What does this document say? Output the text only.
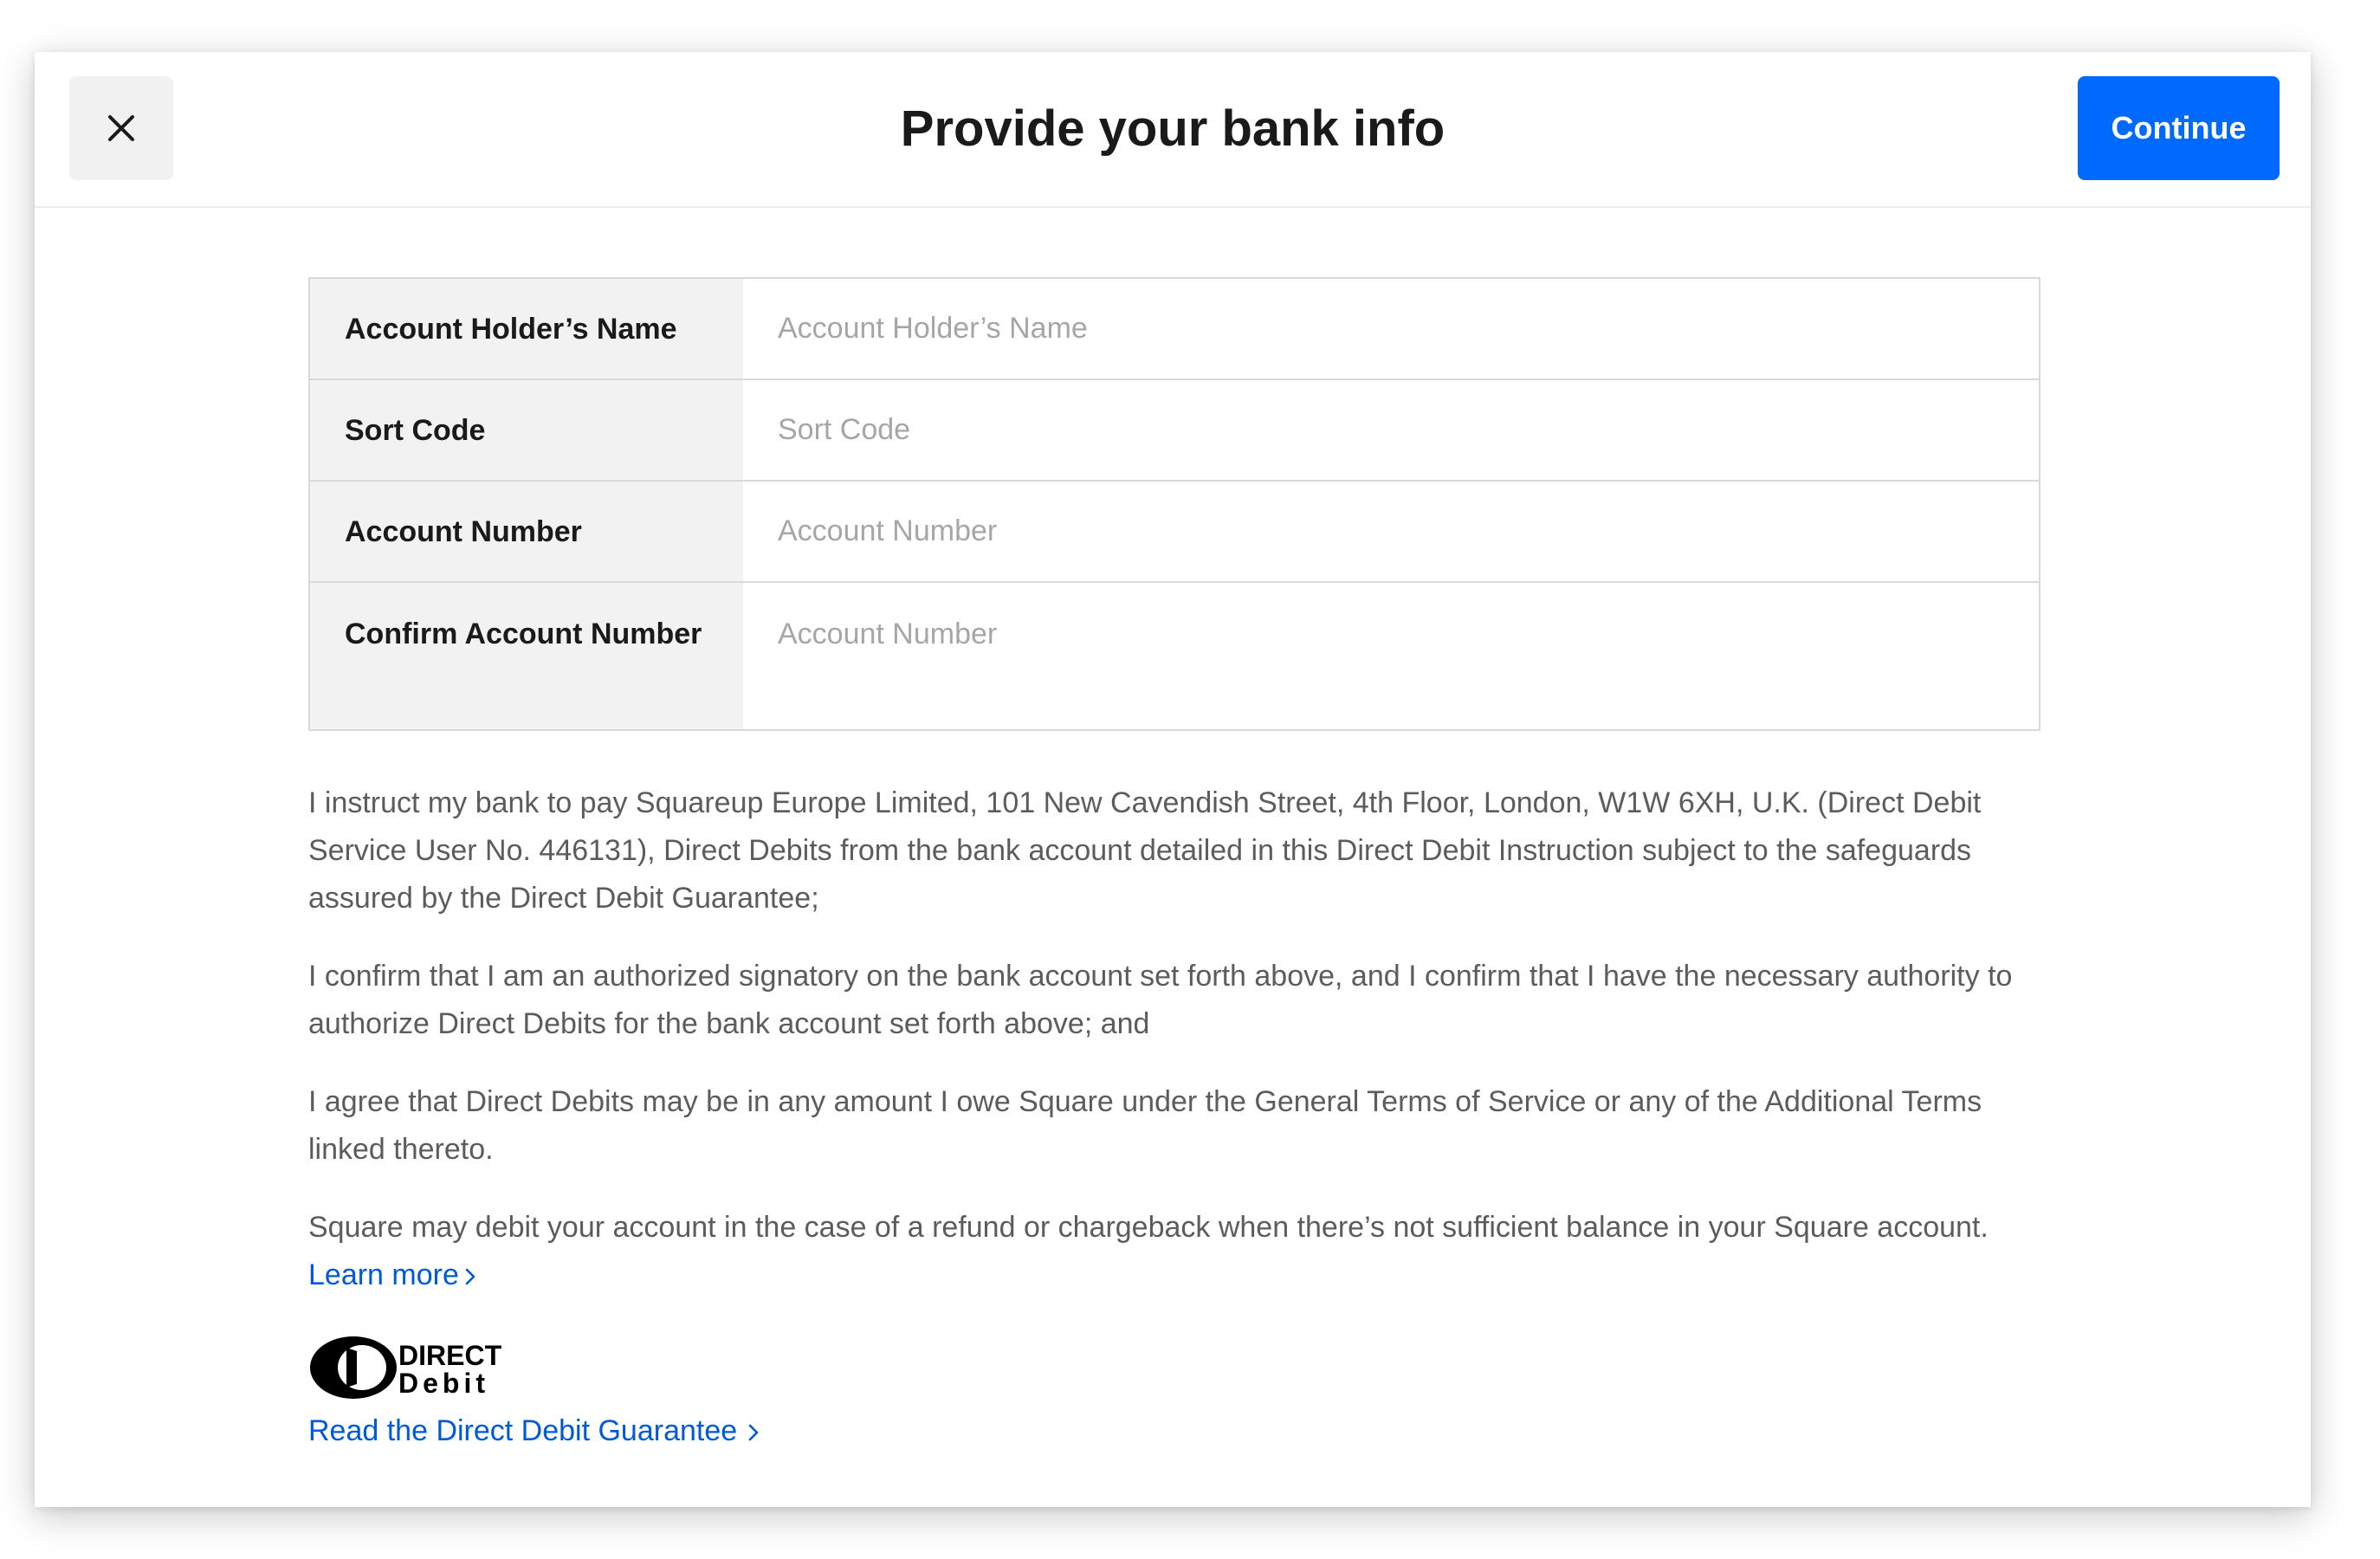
Provide your bank info	Continue
Account Holder’s Name
Account Holder’s Name
Sort Code
Sort Code
Account Number
Account Number
Confirm Account Number
Account Number

I instruct my bank to pay Squareup Europe Limited, 101 New Cavendish Street, 4th Floor, London, W1W 6XH, U.K. (Direct Debit Service User No. 446131), Direct Debits from the bank account detailed in this Direct Debit Instruction subject to the safeguards assured by the Direct Debit Guarantee;

I confirm that I am an authorized signatory on the bank account set forth above, and I confirm that I have the necessary authority to authorize Direct Debits for the bank account set forth above; and

I agree that Direct Debits may be in any amount I owe Square under the General Terms of Service or any of the Additional Terms linked thereto.

Square may debit your account in the case of a refund or chargeback when there’s not sufficient balance in your Square account. Learn more

DIRECT
Debit
Read the Direct Debit Guarantee
